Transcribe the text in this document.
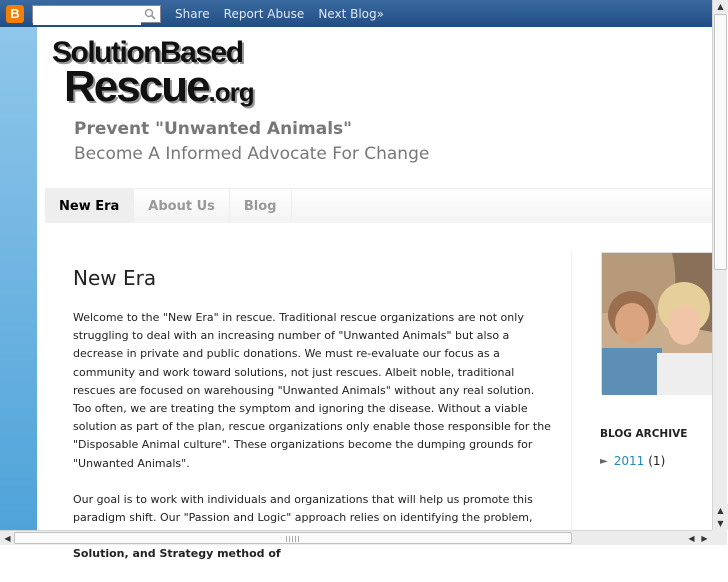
B	Share Report Abuse Next Blog»
SolutionBased
Rescue.org
Prevent "Unwanted Animals"
Become A Informed Advocate For Change
New Era	About Us	Blog
New Era

Welcome to the "New Era" in rescue. Traditional rescue organizations are not only struggling to deal with an increasing number of "Unwanted Animals" but also a decrease in private and public donations. We must re-evaluate our focus as a community and work toward solutions, not just rescues. Albeit noble, traditional rescues are focused on warehousing "Unwanted Animals" without any real solution. Too often, we are treating the symptom and ignoring the disease. Without a viable solution as part of the plan, rescue organizations only enable those responsible for the "Disposable Animal culture". These organizations become the dumping grounds for "Unwanted Animals".

Our goal is to work with individuals and organizations that will help us promote this paradigm shift. Our "Passion and Logic" approach relies on identifying the problem, Solution, and Strategy method of

BLOG ARCHIVE
► 2011 (1)
▲
▲
▼
◀	◀ ▶
